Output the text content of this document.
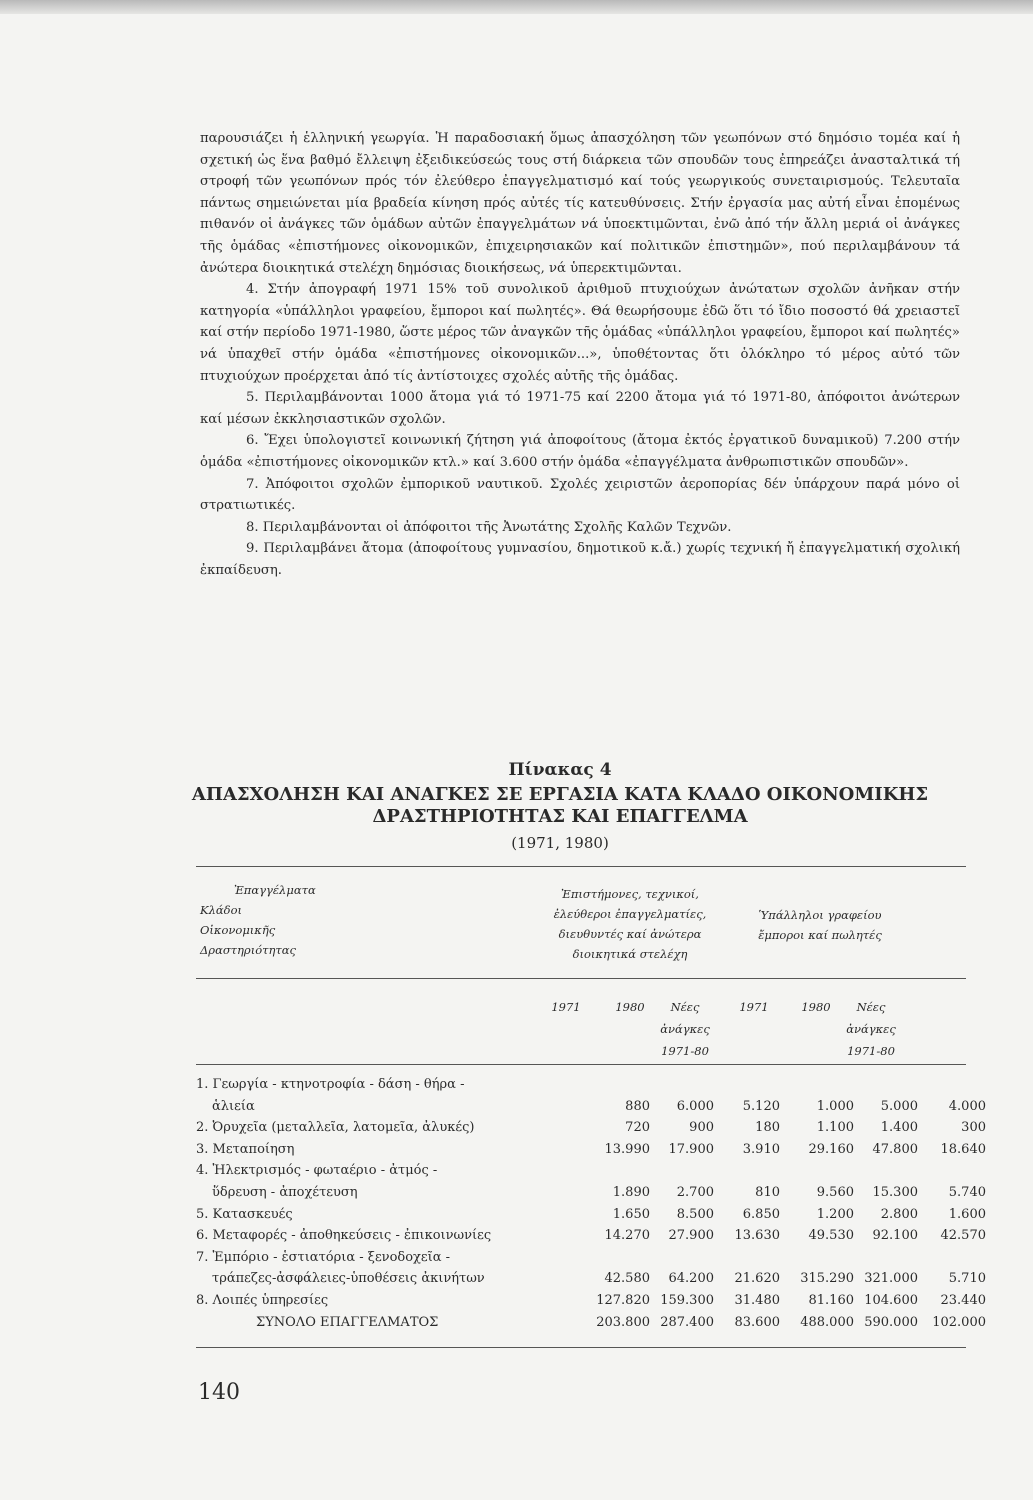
παρουσιάζει ἡ ἑλληνική γεωργία. Ἡ παραδοσιακή ὅμως ἀπασχόληση τῶν γεωπόνων στό δημόσιο τομέα καί ἡ σχετική ὡς ἕνα βαθμό ἔλλειψη ἐξειδικεύσεώς τους στή διάρκεια τῶν σπουδῶν τους ἐπηρεάζει ἀνασταλτικά τή στροφή τῶν γεωπόνων πρός τόν ἐλεύθερο ἐπαγγελματισμό καί τούς γεωργικούς συνεταιρισμούς. Τελευταῖα πάντως σημειώνεται μία βραδεία κίνηση πρός αὐτές τίς κατευθύνσεις. Στήν ἐργασία μας αὐτή εἶναι ἑπομένως πιθανόν οἱ ἀνάγκες τῶν ὁμάδων αὐτῶν ἐπαγγελμάτων νά ὑποεκτιμῶνται, ἐνῶ ἀπό τήν ἄλλη μεριά οἱ ἀνάγκες τῆς ὁμάδας «ἐπιστήμονες οἰκονομικῶν, ἐπιχειρησιακῶν καί πολιτικῶν ἐπιστημῶν», πού περιλαμβάνουν τά ἀνώτερα διοικητικά στελέχη δημόσιας διοικήσεως, νά ὑπερεκτιμῶνται.

4. Στήν ἀπογραφή 1971 15% τοῦ συνολικοῦ ἀριθμοῦ πτυχιούχων ἀνώτατων σχολῶν ἀνῆκαν στήν κατηγορία «ὑπάλληλοι γραφείου, ἔμποροι καί πωλητές». Θά θεωρήσουμε ἐδῶ ὅτι τό ἴδιο ποσοστό θά χρειαστεῖ καί στήν περίοδο 1971-1980, ὥστε μέρος τῶν ἀναγκῶν τῆς ὁμάδας «ὑπάλληλοι γραφείου, ἔμποροι καί πωλητές» νά ὑπαχθεῖ στήν ὁμάδα «ἐπιστήμονες οἰκονομικῶν...», ὑποθέτοντας ὅτι ὁλόκληρο τό μέρος αὐτό τῶν πτυχιούχων προέρχεται ἀπό τίς ἀντίστοιχες σχολές αὐτῆς τῆς ὁμάδας.

5. Περιλαμβάνονται 1000 ἄτομα γιά τό 1971-75 καί 2200 ἄτομα γιά τό 1971-80, ἀπόφοιτοι ἀνώτερων καί μέσων ἐκκλησιαστικῶν σχολῶν.

6. Ἔχει ὑπολογιστεῖ κοινωνική ζήτηση γιά ἀποφοίτους (ἄτομα ἐκτός ἐργατικοῦ δυναμικοῦ) 7.200 στήν ὁμάδα «ἐπιστήμονες οἰκονομικῶν κτλ.» καί 3.600 στήν ὁμάδα «ἐπαγγέλματα ἀνθρωπιστικῶν σπουδῶν».

7. Ἀπόφοιτοι σχολῶν ἐμπορικοῦ ναυτικοῦ. Σχολές χειριστῶν ἀεροπορίας δέν ὑπάρχουν παρά μόνο οἱ στρατιωτικές.

8. Περιλαμβάνονται οἱ ἀπόφοιτοι τῆς Ἀνωτάτης Σχολῆς Καλῶν Τεχνῶν.

9. Περιλαμβάνει ἄτομα (ἀποφοίτους γυμνασίου, δημοτικοῦ κ.ἄ.) χωρίς τεχνική ἤ ἐπαγγελματική σχολική ἐκπαίδευση.

Πίνακας 4
ΑΠΑΣΧΟΛΗΣΗ ΚΑΙ ΑΝΑΓΚΕΣ ΣΕ ΕΡΓΑΣΙΑ ΚΑΤΑ ΚΛΑΔΟ ΟΙΚΟΝΟΜΙΚΗΣ
ΔΡΑΣΤΗΡΙΟΤΗΤΑΣ ΚΑΙ ΕΠΑΓΓΕΛΜΑ
(1971, 1980)
Ἐπαγγέλματα
Κλάδοι
Οἰκονομικῆς
Δραστηριότητας
Ἐπιστήμονες, τεχνικοί,
ἐλεύθεροι ἐπαγγελματίες,
διευθυντές καί ἀνώτερα
διοικητικά στελέχη
Ὑπάλληλοι γραφείου
ἔμποροι καί πωλητές
1971	1980	Νέες
ἀνάγκες
1971-80
1971	1980	Νέες
ἀνάγκες
1971-80
1. Γεωργία - κτηνοτροφία - δάση - θήρα -
ἁλιεία	880	6.000	5.120	1.000	5.000	4.000
2. Ὀρυχεῖα (μεταλλεῖα, λατομεῖα, ἀλυκές)	720	900	180	1.100	1.400	300
3. Μεταποίηση	13.990	17.900	3.910	29.160	47.800	18.640
4. Ἠλεκτρισμός - φωταέριο - ἀτμός -
ὕδρευση - ἀποχέτευση	1.890	2.700	810	9.560	15.300	5.740
5. Κατασκευές	1.650	8.500	6.850	1.200	2.800	1.600
6. Μεταφορές - ἀποθηκεύσεις - ἐπικοινωνίες	14.270	27.900	13.630	49.530	92.100	42.570
7. Ἐμπόριο - ἑστιατόρια - ξενοδοχεῖα -
τράπεζες-ἀσφάλειες-ὑποθέσεις ἀκινήτων	42.580	64.200	21.620	315.290 321.000	5.710
8. Λοιπές ὑπηρεσίες	127.820 159.300	31.480	81.160 104.600	23.440
ΣΥΝΟΛΟ ΕΠΑΓΓΕΛΜΑΤΟΣ	203.800 287.400	83.600	488.000 590.000	102.000
140
